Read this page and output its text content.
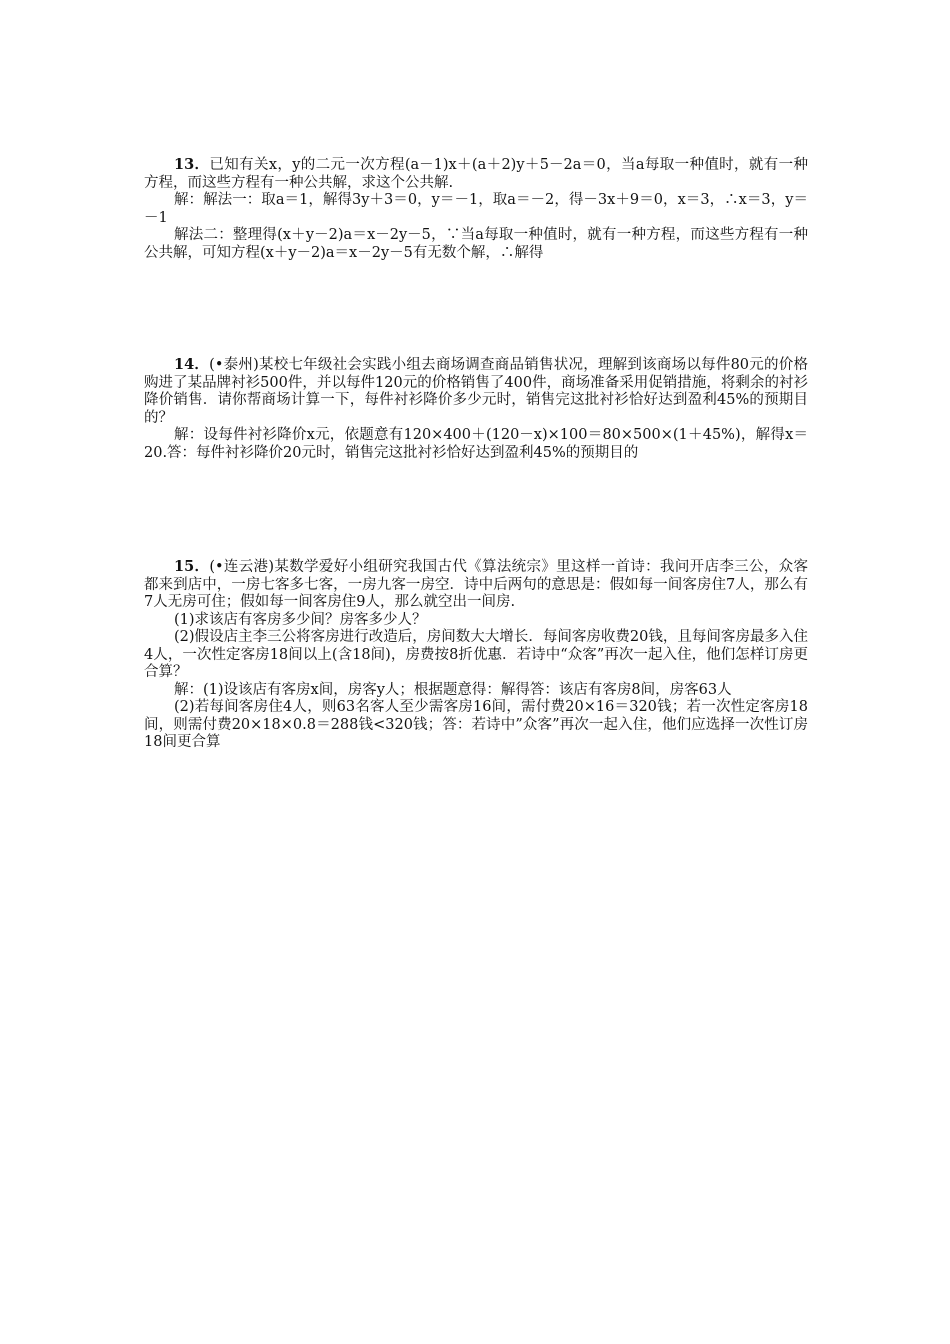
13．已知有关x，y的二元一次方程(a－1)x＋(a＋2)y＋5－2a＝0，当a每取一种值时，就有一种方程，而这些方程有一种公共解，求这个公共解.

解：解法一：取a＝1，解得3y＋3＝0，y＝－1，取a＝－2，得－3x＋9＝0，x＝3，∴x＝3，y＝－1

解法二：整理得(x＋y－2)a＝x－2y－5，∵当a每取一种值时，就有一种方程，而这些方程有一种公共解，可知方程(x＋y－2)a＝x－2y－5有无数个解，∴解得

14．(•泰州)某校七年级社会实践小组去商场调查商品销售状况，理解到该商场以每件80元的价格购进了某品牌衬衫500件，并以每件120元的价格销售了400件，商场准备采用促销措施，将剩余的衬衫降价销售．请你帮商场计算一下，每件衬衫降价多少元时，销售完这批衬衫恰好达到盈利45%的预期目的？

解：设每件衬衫降价x元，依题意有120×400＋(120－x)×100＝80×500×(1＋45%)，解得x＝20.答：每件衬衫降价20元时，销售完这批衬衫恰好达到盈利45%的预期目的

15．(•连云港)某数学爱好小组研究我国古代《算法统宗》里这样一首诗：我问开店李三公，众客都来到店中，一房七客多七客，一房九客一房空．诗中后两句的意思是：假如每一间客房住7人，那么有7人无房可住；假如每一间客房住9人，那么就空出一间房.

(1)求该店有客房多少间？房客多少人？

(2)假设店主李三公将客房进行改造后，房间数大大增长．每间客房收费20钱，且每间客房最多入住4人，一次性定客房18间以上(含18间)，房费按8折优惠．若诗中“众客”再次一起入住，他们怎样订房更合算？

解：(1)设该店有客房x间，房客y人；根据题意得：解得答：该店有客房8间，房客63人

(2)若每间客房住4人，则63名客人至少需客房16间，需付费20×16＝320钱；若一次性定客房18间，则需付费20×18×0.8＝288钱<320钱；答：若诗中”众客”再次一起入住，他们应选择一次性订房18间更合算
